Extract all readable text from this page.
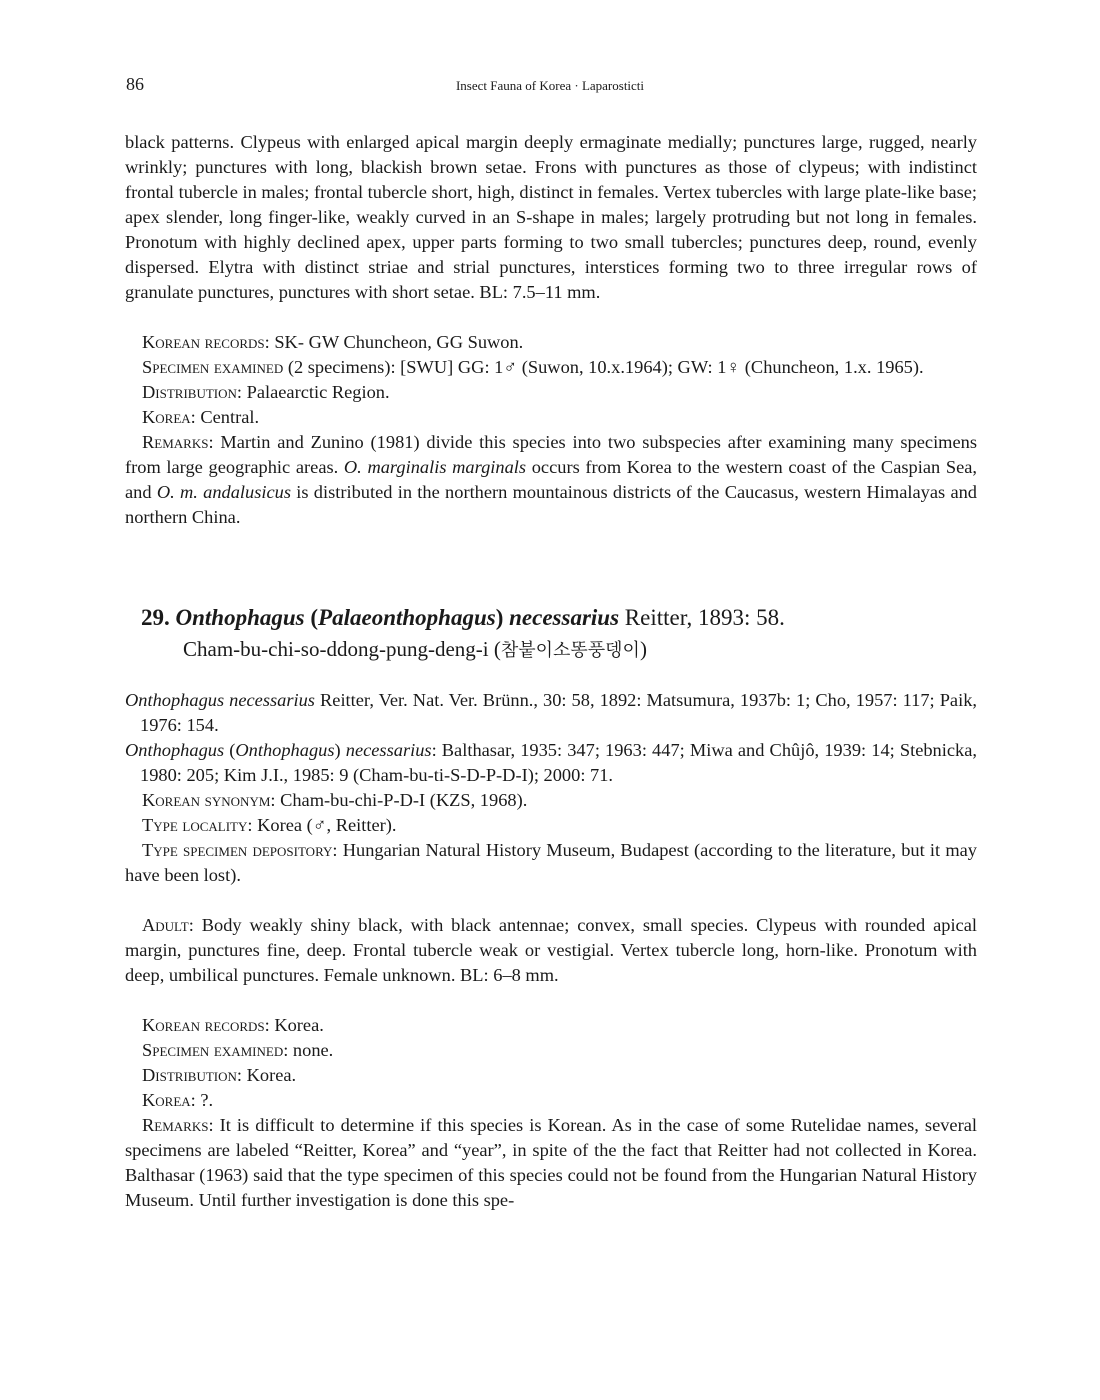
86	Insect Fauna of Korea · Laparosticti

black patterns. Clypeus with enlarged apical margin deeply ermaginate medially; punctures large, rugged, nearly wrinkly; punctures with long, blackish brown setae. Frons with punctures as those of clypeus; with indistinct frontal tubercle in males; frontal tubercle short, high, distinct in females. Vertex tubercles with large plate-like base; apex slender, long finger-like, weakly curved in an S-shape in males; largely protruding but not long in females. Pronotum with highly declined apex, upper parts forming to two small tubercles; punctures deep, round, evenly dispersed. Elytra with distinct striae and strial punctures, interstices forming two to three irregular rows of granulate punctures, punctures with short setae. BL: 7.5–11 mm.

Korean records: SK- GW Chuncheon, GG Suwon.

Specimen examined (2 specimens): [SWU] GG: 1♂ (Suwon, 10.x.1964); GW: 1♀ (Chuncheon, 1.x. 1965).

Distribution: Palaearctic Region.

Korea: Central.

Remarks: Martin and Zunino (1981) divide this species into two subspecies after examining many specimens from large geographic areas. O. marginalis marginals occurs from Korea to the western coast of the Caspian Sea, and O. m. andalusicus is distributed in the northern mountainous districts of the Caucasus, western Himalayas and northern China.

29. Onthophagus (Palaeonthophagus) necessarius Reitter, 1893: 58.
Cham-bu-chi-so-ddong-pung-deng-i (참붙이소똥풍뎅이)

Onthophagus necessarius Reitter, Ver. Nat. Ver. Brünn., 30: 58, 1892: Matsumura, 1937b: 1; Cho, 1957: 117; Paik, 1976: 154.

Onthophagus (Onthophagus) necessarius: Balthasar, 1935: 347; 1963: 447; Miwa and Chûjô, 1939: 14; Stebnicka, 1980: 205; Kim J.I., 1985: 9 (Cham-bu-ti-S-D-P-D-I); 2000: 71.

Korean synonym: Cham-bu-chi-P-D-I (KZS, 1968).

Type locality: Korea (♂, Reitter).

Type specimen depository: Hungarian Natural History Museum, Budapest (according to the literature, but it may have been lost).

Adult: Body weakly shiny black, with black antennae; convex, small species. Clypeus with rounded apical margin, punctures fine, deep. Frontal tubercle weak or vestigial. Vertex tubercle long, horn-like. Pronotum with deep, umbilical punctures. Female unknown. BL: 6–8 mm.

Korean records: Korea.

Specimen examined: none.

Distribution: Korea.

Korea: ?.

Remarks: It is difficult to determine if this species is Korean. As in the case of some Rutelidae names, several specimens are labeled “Reitter, Korea” and “year”, in spite of the the fact that Reitter had not collected in Korea. Balthasar (1963) said that the type specimen of this species could not be found from the Hungarian Natural History Museum. Until further investigation is done this spe-
